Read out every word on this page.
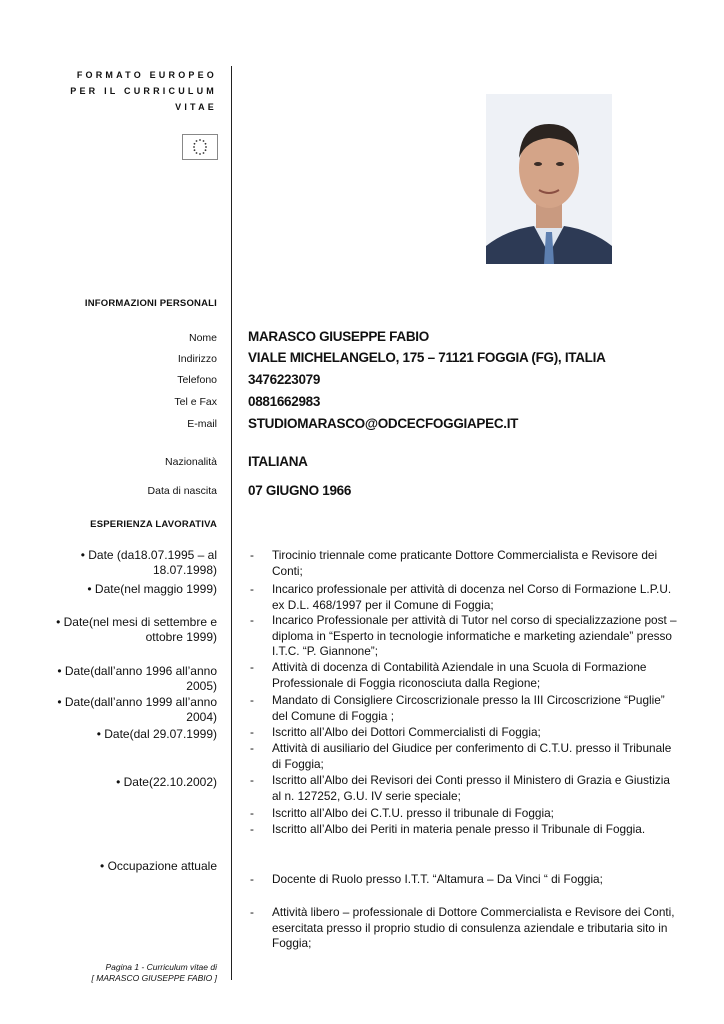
FORMATO EUROPEO
PER IL CURRICULUM
VITAE
INFORMAZIONI PERSONALI
Nome MARASCO GIUSEPPE FABIO
Indirizzo VIALE MICHELANGELO, 175 – 71121 FOGGIA (FG), ITALIA
Telefono 3476223079
Tel e Fax 0881662983
E-mail STUDIOMARASCO@ODCECFOGGIAPEC.IT
Nazionalità ITALIANA
Data di nascita 07 GIUGNO 1966
ESPERIENZA LAVORATIVA
• Date (da18.07.1995 – al 18.07.1998)
• Date(nel maggio 1999)
• Date(nel mesi di settembre e ottobre 1999)
• Date(dall’anno 1996 all’anno 2005)
• Date(dall’anno 1999 all’anno 2004)
• Date(dal 29.07.1999)
• Date(22.10.2002)
• Occupazione attuale
- Tirocinio triennale come praticante Dottore Commercialista e Revisore dei Conti;
- Incarico professionale per attività di docenza nel Corso di Formazione L.P.U. ex D.L. 468/1997 per il Comune di Foggia;
- Incarico Professionale per attività di Tutor nel corso di specializzazione post – diploma in “Esperto in tecnologie informatiche e marketing aziendale” presso I.T.C. “P. Giannone”;
- Attività di docenza di Contabilità Aziendale in una Scuola di Formazione Professionale di Foggia riconosciuta dalla Regione;
- Mandato di Consigliere Circoscrizionale presso la III Circoscrizione “Puglie” del Comune di Foggia ;
- Iscritto all’Albo dei Dottori Commercialisti di Foggia;
- Attività di ausiliario del Giudice per conferimento di C.T.U. presso il Tribunale di Foggia;
- Iscritto all’Albo dei Revisori dei Conti presso il Ministero di Grazia e Giustizia al n. 127252, G.U. IV serie speciale;
- Iscritto all’Albo dei C.T.U. presso il tribunale di Foggia;
- Iscritto all’Albo dei Periti in materia penale presso il Tribunale di Foggia.
- Docente di Ruolo presso I.T.T. “Altamura – Da Vinci “ di Foggia;
- Attività libero – professionale di Dottore Commercialista e Revisore dei Conti, esercitata presso il proprio studio di consulenza aziendale e tributaria sito in Foggia;
Pagina 1 - Curriculum vitae di
[ MARASCO GIUSEPPE FABIO ]
